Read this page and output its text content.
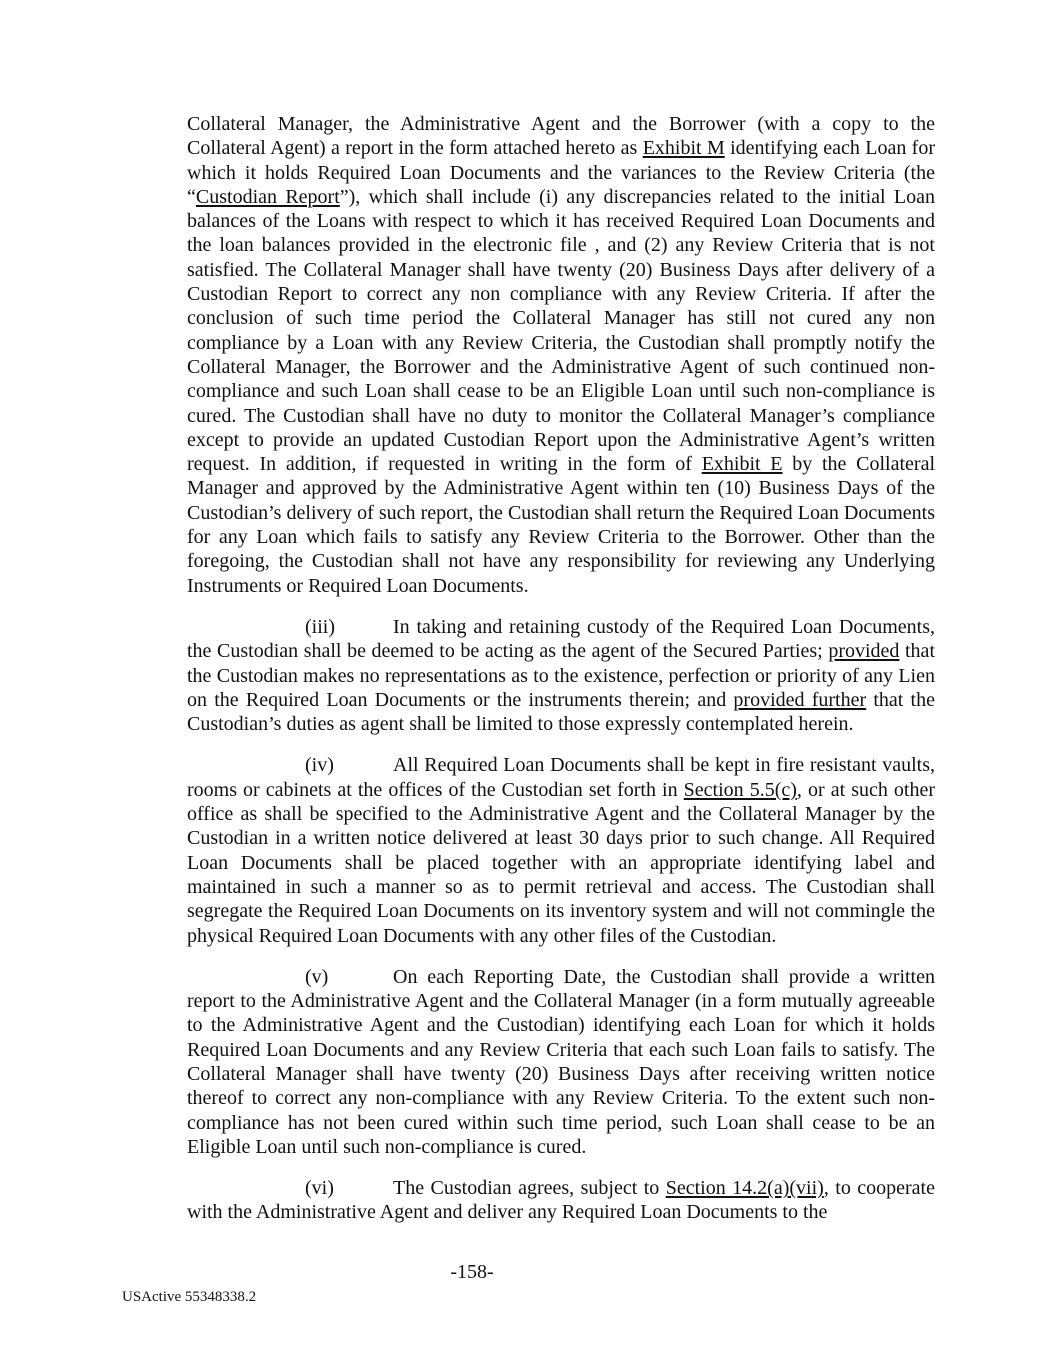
Collateral Manager, the Administrative Agent and the Borrower (with a copy to the Collateral Agent) a report in the form attached hereto as Exhibit M identifying each Loan for which it holds Required Loan Documents and the variances to the Review Criteria (the “Custodian Report”), which shall include (i) any discrepancies related to the initial Loan balances of the Loans with respect to which it has received Required Loan Documents and the loan balances provided in the electronic file , and (2) any Review Criteria that is not satisfied. The Collateral Manager shall have twenty (20) Business Days after delivery of a Custodian Report to correct any non compliance with any Review Criteria. If after the conclusion of such time period the Collateral Manager has still not cured any non compliance by a Loan with any Review Criteria, the Custodian shall promptly notify the Collateral Manager, the Borrower and the Administrative Agent of such continued non-compliance and such Loan shall cease to be an Eligible Loan until such non-compliance is cured. The Custodian shall have no duty to monitor the Collateral Manager’s compliance except to provide an updated Custodian Report upon the Administrative Agent’s written request. In addition, if requested in writing in the form of Exhibit E by the Collateral Manager and approved by the Administrative Agent within ten (10) Business Days of the Custodian’s delivery of such report, the Custodian shall return the Required Loan Documents for any Loan which fails to satisfy any Review Criteria to the Borrower. Other than the foregoing, the Custodian shall not have any responsibility for reviewing any Underlying Instruments or Required Loan Documents.

(iii)	In taking and retaining custody of the Required Loan Documents, the Custodian shall be deemed to be acting as the agent of the Secured Parties; provided that the Custodian makes no representations as to the existence, perfection or priority of any Lien on the Required Loan Documents or the instruments therein; and provided further that the Custodian’s duties as agent shall be limited to those expressly contemplated herein.

(iv)	All Required Loan Documents shall be kept in fire resistant vaults, rooms or cabinets at the offices of the Custodian set forth in Section 5.5(c), or at such other office as shall be specified to the Administrative Agent and the Collateral Manager by the Custodian in a written notice delivered at least 30 days prior to such change. All Required Loan Documents shall be placed together with an appropriate identifying label and maintained in such a manner so as to permit retrieval and access. The Custodian shall segregate the Required Loan Documents on its inventory system and will not commingle the physical Required Loan Documents with any other files of the Custodian.

(v)	On each Reporting Date, the Custodian shall provide a written report to the Administrative Agent and the Collateral Manager (in a form mutually agreeable to the Administrative Agent and the Custodian) identifying each Loan for which it holds Required Loan Documents and any Review Criteria that each such Loan fails to satisfy. The Collateral Manager shall have twenty (20) Business Days after receiving written notice thereof to correct any non-compliance with any Review Criteria. To the extent such non-compliance has not been cured within such time period, such Loan shall cease to be an Eligible Loan until such non-compliance is cured.

(vi)	The Custodian agrees, subject to Section 14.2(a)(vii), to cooperate with the Administrative Agent and deliver any Required Loan Documents to the

-158-
USActive 55348338.2
